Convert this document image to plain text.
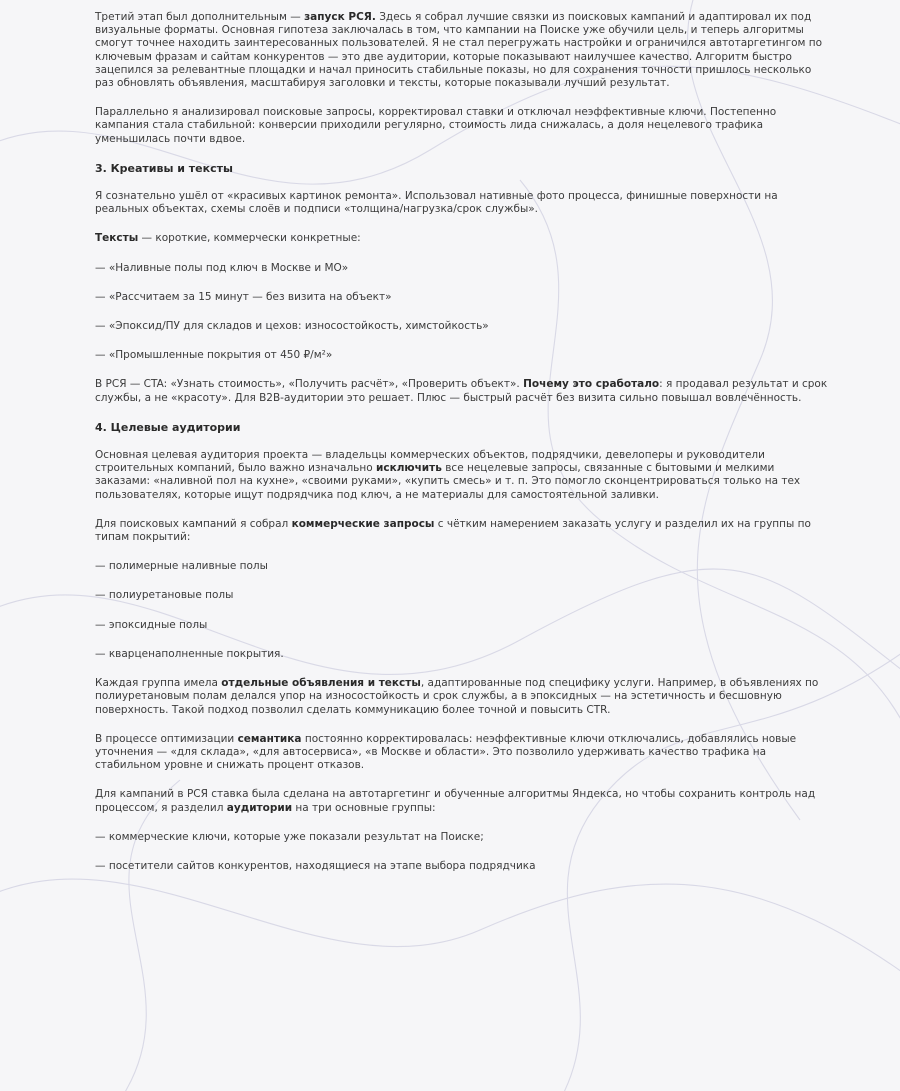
Третий этап был дополнительным — запуск РСЯ. Здесь я собрал лучшие связки из поисковых кампаний и адаптировал их под визуальные форматы. Основная гипотеза заключалась в том, что кампании на Поиске уже обучили цель, и теперь алгоритмы смогут точнее находить заинтересованных пользователей. Я не стал перегружать настройки и ограничился автотаргетингом по ключевым фразам и сайтам конкурентов — это две аудитории, которые показывают наилучшее качество. Алгоритм быстро зацепился за релевантные площадки и начал приносить стабильные показы, но для сохранения точности пришлось несколько раз обновлять объявления, масштабируя заголовки и тексты, которые показывали лучший результат.

Параллельно я анализировал поисковые запросы, корректировал ставки и отключал неэффективные ключи. Постепенно кампания стала стабильной: конверсии приходили регулярно, стоимость лида снижалась, а доля нецелевого трафика уменьшилась почти вдвое.

3. Креативы и тексты

Я сознательно ушёл от «красивых картинок ремонта». Использовал нативные фото процесса, финишные поверхности на реальных объектах, схемы слоёв и подписи «толщина/нагрузка/срок службы».

Тексты — короткие, коммерчески конкретные:

— «Наливные полы под ключ в Москве и МО»

— «Рассчитаем за 15 минут — без визита на объект»

— «Эпоксид/ПУ для складов и цехов: износостойкость, химстойкость»

— «Промышленные покрытия от 450 ₽/м²»

В РСЯ — CTA: «Узнать стоимость», «Получить расчёт», «Проверить объект». Почему это сработало: я продавал результат и срок службы, а не «красоту». Для B2B-аудитории это решает. Плюс — быстрый расчёт без визита сильно повышал вовлечённость.

4. Целевые аудитории

Основная целевая аудитория проекта — владельцы коммерческих объектов, подрядчики, девелоперы и руководители строительных компаний, было важно изначально исключить все нецелевые запросы, связанные с бытовыми и мелкими заказами: «наливной пол на кухне», «своими руками», «купить смесь» и т. п. Это помогло сконцентрироваться только на тех пользователях, которые ищут подрядчика под ключ, а не материалы для самостоятельной заливки.

Для поисковых кампаний я собрал коммерческие запросы с чётким намерением заказать услугу и разделил их на группы по типам покрытий:

— полимерные наливные полы

— полиуретановые полы

— эпоксидные полы

— кварценаполненные покрытия.

Каждая группа имела отдельные объявления и тексты, адаптированные под специфику услуги. Например, в объявлениях по полиуретановым полам делался упор на износостойкость и срок службы, а в эпоксидных — на эстетичность и бесшовную поверхность. Такой подход позволил сделать коммуникацию более точной и повысить CTR.

В процессе оптимизации семантика постоянно корректировалась: неэффективные ключи отключались, добавлялись новые уточнения — «для склада», «для автосервиса», «в Москве и области». Это позволило удерживать качество трафика на стабильном уровне и снижать процент отказов.

Для кампаний в РСЯ ставка была сделана на автотаргетинг и обученные алгоритмы Яндекса, но чтобы сохранить контроль над процессом, я разделил аудитории на три основные группы:

— коммерческие ключи, которые уже показали результат на Поиске;

— посетители сайтов конкурентов, находящиеся на этапе выбора подрядчика
